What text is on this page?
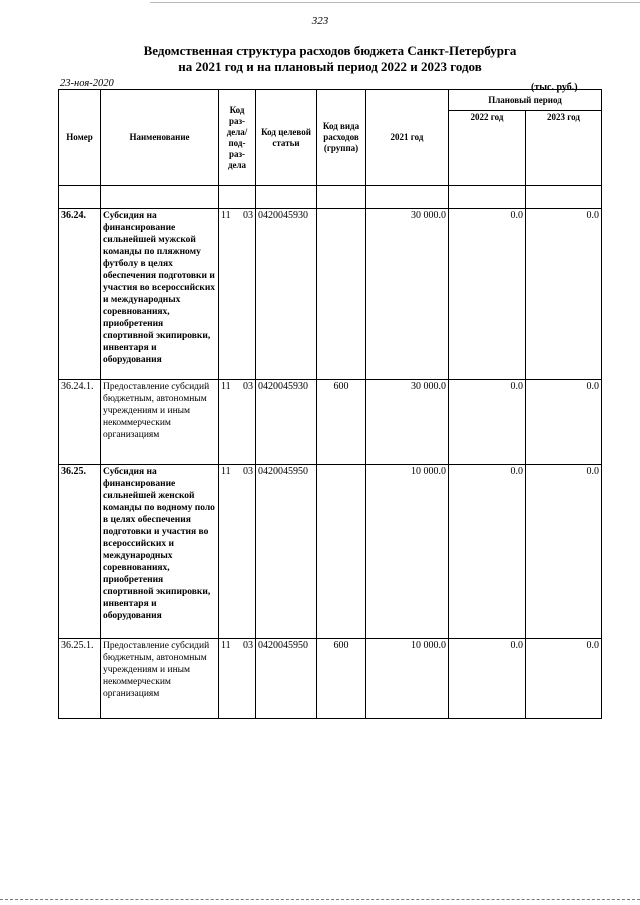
323
Ведомственная структура расходов бюджета Санкт-Петербурга
на 2021 год и на плановый период 2022 и 2023 годов
23-ноя-2020	(тыс. руб.)
Номер	Наименование	Код раз-дела/ под-раз-дела	Код целевой статьи	Код вида расходов (группа)	2021 год	Плановый период	
						2022 год	2023 год

36.24.	Субсидия на финансирование сильнейшей мужской команды по пляжному футболу в целях обеспечения подготовки и участия во всероссийских и международных соревнованиях, приобретения спортивной экипировки, инвентаря и оборудования	11 03	0420045930		30 000.0	0.0	0.0
36.24.1.	Предоставление субсидий бюджетным, автономным учреждениям и иным некоммерческим организациям	11 03	0420045930	600	30 000.0	0.0	0.0
36.25.	Субсидия на финансирование сильнейшей женской команды по водному поло в целях обеспечения подготовки и участия во всероссийских и международных соревнованиях, приобретения спортивной экипировки, инвентаря и оборудования	11 03	0420045950		10 000.0	0.0	0.0
36.25.1.	Предоставление субсидий бюджетным, автономным учреждениям и иным некоммерческим организациям	11 03	0420045950	600	10 000.0	0.0	0.0
